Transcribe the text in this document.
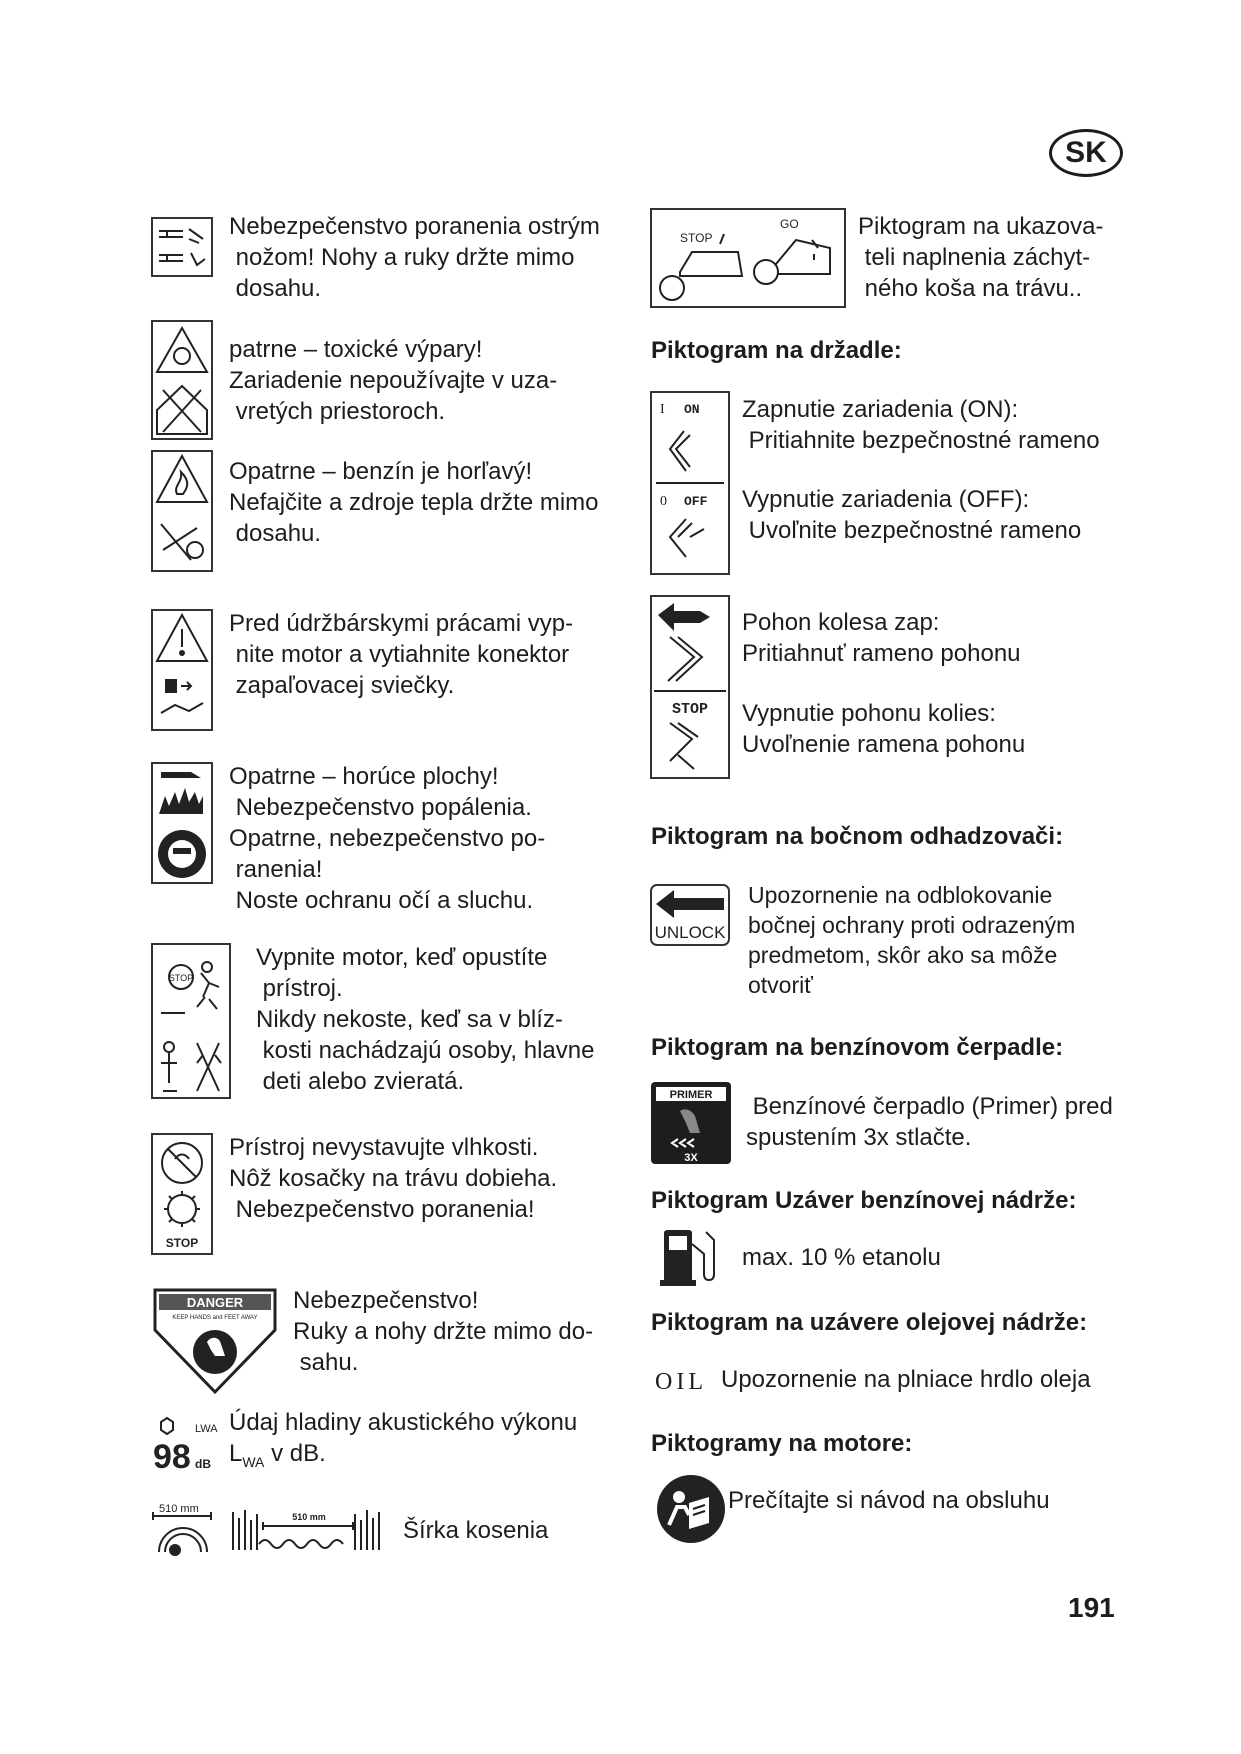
SK
Nebezpečenstvo poranenia ostrým
nožom! Nohy a ruky držte mimo
dosahu.
patrne – toxické výpary!
Zariadenie nepoužívajte v uza-
vretých priestoroch.
Opatrne – benzín je horľavý!
Nefajčite a zdroje tepla držte mimo
dosahu.
Pred údržbárskymi prácami vyp-
nite motor a vytiahnite konektor
zapaľovacej sviečky.
Opatrne – horúce plochy!
Nebezpečenstvo popálenia.
Opatrne, nebezpečenstvo po-
ranenia!
Noste ochranu očí a sluchu.
STOP
Vypnite motor, keď opustíte
prístroj.
Nikdy nekoste, keď sa v blíz-
kosti nachádzajú osoby, hlavne
deti alebo zvieratá.
STOP
Prístroj nevystavujte vlhkosti.
Nôž kosačky na trávu dobieha.
Nebezpečenstvo poranenia!
DANGER
KEEP HANDS and FEET AWAY
Nebezpečenstvo!
Ruky a nohy držte mimo do-
sahu.
LWA
98 dB
Údaj hladiny akustického výkonu
$L_{WA}$ v dB.
510 mm
510 mm	Šírka kosenia
STOP
GO Piktogram na ukazova-
teli naplnenia záchyt-
ného koša na trávu..
Piktogram na držadle:
I ON
0 OFF
Zapnutie zariadenia (ON):
Pritiahnite bezpečnostné rameno
Vypnutie zariadenia (OFF):
Uvoľnite bezpečnostné rameno
STOP
Pohon kolesa zap:
Pritiahnuť rameno pohonu
Vypnutie pohonu kolies:
Uvoľnenie ramena pohonu
Piktogram na bočnom odhadzovači:
UNLOCK
Upozornenie na odblokovanie
bočnej ochrany proti odrazeným
predmetom, skôr ako sa môže
otvoriť
Piktogram na benzínovom čerpadle:
PRIMER
3X
Benzínové čerpadlo (Primer) pred
spustením 3x stlačte.
Piktogram Uzáver benzínovej nádrže:
max. 10 % etanolu
Piktogram na uzávere olejovej nádrže:
OIL Upozornenie na plniace hrdlo oleja
Piktogramy na motore:
Prečítajte si návod na obsluhu
191
